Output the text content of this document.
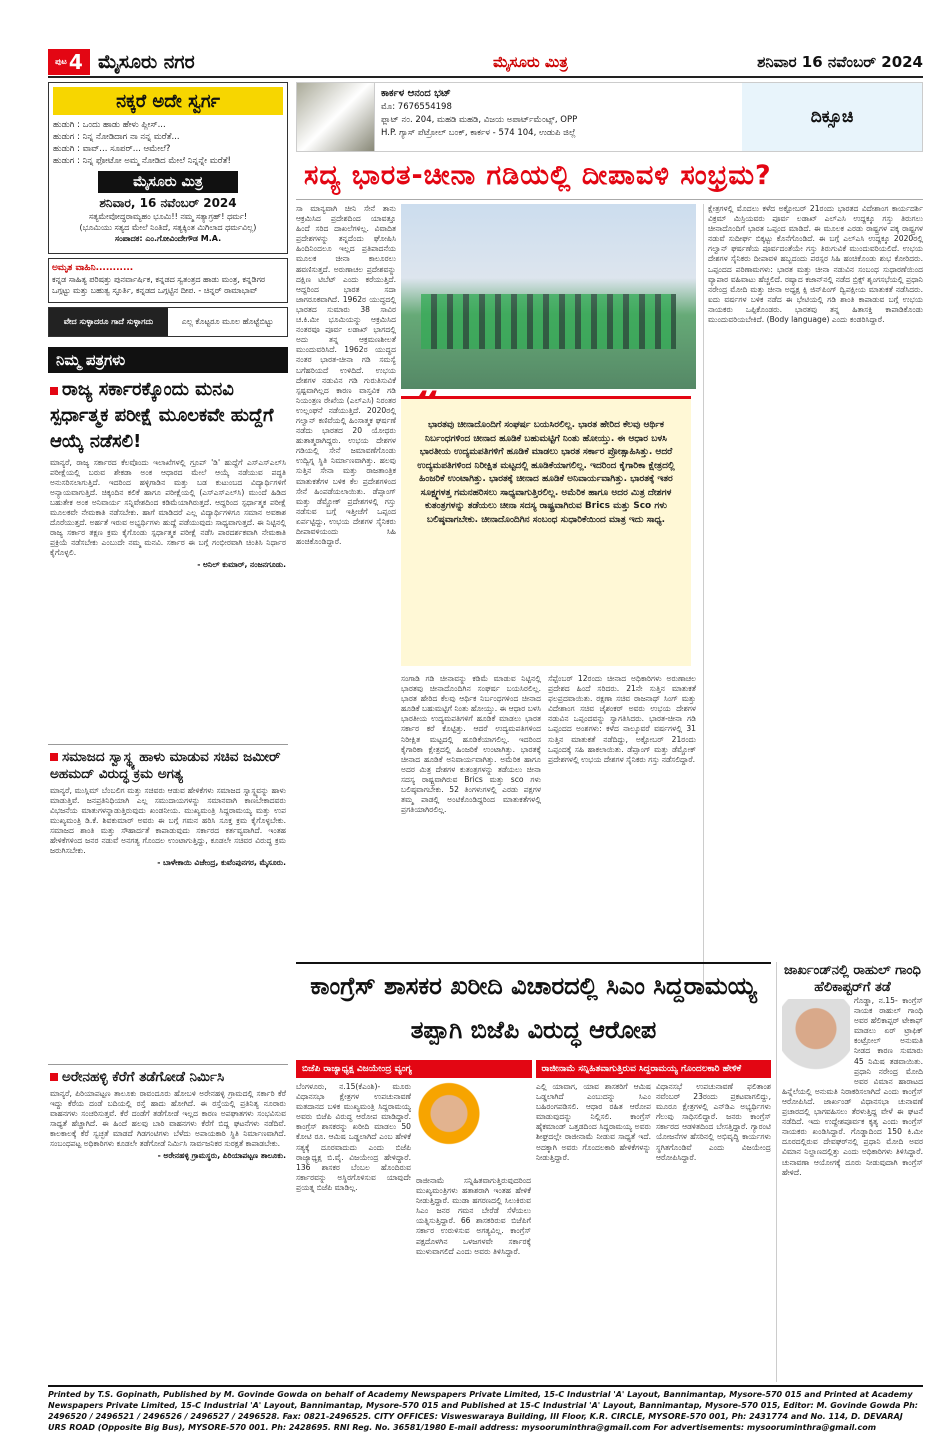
ಪುಟ 4 ಮೈಸೂರು ನಗರ	ಮೈಸೂರು ಮಿತ್ರ	ಶನಿವಾರ 16 ನವೆಂಬರ್ 2024
ನಕ್ಕರೆ ಅದೇ ಸ್ವರ್ಗ
ಹುಡುಗಿ : ಒಂದು ಹಾಡು ಹೇಳು ಪ್ಲೀಸ್...
ಹುಡುಗ : ನಿನ್ನ ನೋಡಿದಾಗ ನಾ ನನ್ನ ಮರೆತೆ...
ಹುಡುಗಿ : ವಾವ್... ಸೂಪರ್... ಆಮೇಲೆ?
ಹುಡುಗ : ನಿನ್ನ ಫೋಟೋ ಅಮ್ಮ ನೋಡಿದ ಮೇಲೆ ನಿನ್ನನ್ನೇ ಮರೆತೆ!
ಮೈಸೂರು ಮಿತ್ರ
ಶನಿವಾರ, 16 ನವೆಂಬರ್ 2024
ಸತ್ಯಮೇವೋದ್ಧರಾಮ್ಯಹಂ ಭೂಮಿ!! ನಮ್ಮ ಸತ್ಯಾಗ್ರಹ್! ಧರ್ಮ!
(ಭೂಮಿಯು ಸತ್ಯದ ಮೇಲೆ ನಿಂತಿದೆ, ಸತ್ಯಕ್ಕಿಂತ ಮಿಗಿಲಾದ ಧರ್ಮವಿಲ್ಲ)
ಸಂಪಾದಕ: ಎಂ.ಗೋವಿಂದೇಗೌಡ M.A.
ಅಮೃತ ವಾಹಿನಿ...........
ಕನ್ನಡ ಸಾಹಿತ್ಯ ಪರಿಷತ್ತು ಪುನರ್ವಾರ್ಷಿಕ, ಕನ್ನಡದ ಸ್ವತಂತ್ರದ ಹಾಡು ಮಂತ್ರ, ಕನ್ನಡಿಗರ ಒಗ್ಗಟ್ಟು ಮತ್ತು ಬಹುತ್ವ ಸ್ಫೂರ್ತಿ, ಕನ್ನಡದ ಒಗ್ಗಟ್ಟಿನ ದೀಪ. - ಚಿನ್ನರ್ ರಾಮಾಭಾವ್
ವೇದ ಸುಳ್ಳಾದರೂ ಗಾದೆ ಸುಳ್ಳಾಗದು	ಎಲ್ಲ ಕೊಟ್ಟರೂ ಮೂಲ ಹೊಟ್ಟೆಬಿಟ್ಟು
ನಿಮ್ಮ ಪತ್ರಗಳು
ರಾಜ್ಯ ಸರ್ಕಾರಕ್ಕೊಂದು ಮನವಿ ಸ್ಪರ್ಧಾತ್ಮಕ ಪರೀಕ್ಷೆ ಮೂಲಕವೇ ಹುದ್ದೆಗೆ ಆಯ್ಕೆ ನಡೆಸಲಿ!

ಮಾನ್ಯರೆ, ರಾಜ್ಯ ಸರ್ಕಾರದ ಕೆಲವೊಂದು ಇಲಾಖೆಗಳಲ್ಲಿ ಗ್ರೂಪ್ 'ಡಿ' ಹುದ್ದೆಗೆ ಎಸ್ಎಸ್ಎಲ್‌ಸಿ ಪರೀಕ್ಷೆಯಲ್ಲಿ ಬರುವ ಶೇಕಡಾ ಅಂಕ ಆಧಾರದ ಮೇಲೆ ಆಯ್ಕೆ ನಡೆಯುವ ಪದ್ಧತಿ ಅನುಸರಿಸಲಾಗುತ್ತಿದೆ. ಇದರಿಂದ ಹಳ್ಳಿಗಾಡಿನ ಮತ್ತು ಬಡ ಕುಟುಂಬದ ವಿದ್ಯಾರ್ಥಿಗಳಿಗೆ ಅನ್ಯಾಯವಾಗುತ್ತಿದೆ. ಚಿಕ್ಕಂದಿನ ಕಲಿಕೆ ಹಾಗೂ ಪರೀಕ್ಷೆಯಲ್ಲಿ (ಎಸ್ಎಸ್ಎಲ್‌ಸಿ) ಮುಂದೆ ಹಿಡಿದ ಬಹುತೇಕ ಅಂಕ ಅನಿವಾರ್ಯ ಸನ್ನಿವೇಶದಿಂದ ಕಡಿಮೆಯಾಗಿರುತ್ತದೆ. ಆದ್ದರಿಂದ ಸ್ಪರ್ಧಾತ್ಮಕ ಪರೀಕ್ಷೆ ಮೂಲಕವೇ ನೇಮಕಾತಿ ನಡೆಸಬೇಕು. ಹಾಗೆ ಮಾಡಿದರೆ ಎಲ್ಲ ವಿದ್ಯಾರ್ಥಿಗಳಿಗೂ ಸಮಾನ ಅವಕಾಶ ದೊರೆಯುತ್ತದೆ. ಅರ್ಹತೆ ಇರುವ ಅಭ್ಯರ್ಥಿಗಳು ಹುದ್ದೆ ಪಡೆಯುವುದು ಸಾಧ್ಯವಾಗುತ್ತದೆ. ಈ ನಿಟ್ಟಿನಲ್ಲಿ ರಾಜ್ಯ ಸರ್ಕಾರ ತಕ್ಷಣ ಕ್ರಮ ಕೈಗೊಂಡು ಸ್ಪರ್ಧಾತ್ಮಕ ಪರೀಕ್ಷೆ ನಡೆಸಿ ಪಾರದರ್ಶಕವಾಗಿ ನೇಮಕಾತಿ ಪ್ರಕ್ರಿಯೆ ನಡೆಸಬೇಕು ಎಂಬುದೇ ನಮ್ಮ ಮನವಿ. ಸರ್ಕಾರ ಈ ಬಗ್ಗೆ ಗಂಭೀರವಾಗಿ ಚಿಂತಿಸಿ ನಿರ್ಧಾರ ಕೈಗೊಳ್ಳಲಿ.

- ಅನಿಲ್ ಕುಮಾರ್, ನಂಜನಗೂಡು.
ಸಮಾಜದ ಸ್ವಾಸ್ಥ್ಯ ಹಾಳು ಮಾಡುವ ಸಚಿವ ಜಮೀರ್ ಅಹಮದ್ ವಿರುದ್ಧ ಕ್ರಮ ಅಗತ್ಯ

ಮಾನ್ಯರೆ, ಮುಸ್ಲಿಮ್ ಬೆಂಬಲಿಗ ಮತ್ತು ಸಚಿವರು ಆಡುವ ಹೇಳಿಕೆಗಳು ಸಮಾಜದ ಸ್ವಾಸ್ಥ್ಯವನ್ನು ಹಾಳು ಮಾಡುತ್ತಿವೆ. ಜನಪ್ರತಿನಿಧಿಯಾಗಿ ಎಲ್ಲ ಸಮುದಾಯಗಳನ್ನು ಸಮಾನವಾಗಿ ಕಾಣಬೇಕಾದವರು ವಿಭಜನೆಯ ಮಾತುಗಳನ್ನಾಡುತ್ತಿರುವುದು ಖಂಡನೀಯ. ಮುಖ್ಯಮಂತ್ರಿ ಸಿದ್ದರಾಮಯ್ಯ ಮತ್ತು ಉಪ ಮುಖ್ಯಮಂತ್ರಿ ಡಿ.ಕೆ. ಶಿವಕುಮಾರ್ ಅವರು ಈ ಬಗ್ಗೆ ಗಮನ ಹರಿಸಿ ಸೂಕ್ತ ಕ್ರಮ ಕೈಗೊಳ್ಳಬೇಕು. ಸಮಾಜದ ಶಾಂತಿ ಮತ್ತು ಸೌಹಾರ್ದತೆ ಕಾಪಾಡುವುದು ಸರ್ಕಾರದ ಕರ್ತವ್ಯವಾಗಿದೆ. ಇಂತಹ ಹೇಳಿಕೆಗಳಿಂದ ಜನರ ನಡುವೆ ಅನಗತ್ಯ ಗೊಂದಲ ಉಂಟಾಗುತ್ತಿದ್ದು, ಕೂಡಲೇ ಸಚಿವರ ವಿರುದ್ಧ ಕ್ರಮ ಜರುಗಿಸಬೇಕು.

- ಬಾಳೇಕಾಯಿ ವಿಜೇಂದ್ರ, ಕುವೆಂಪುನಗರ, ಮೈಸೂರು.
ಅರೇನಹಳ್ಳಿ ಕೆರೆಗೆ ತಡೆಗೋಡೆ ನಿರ್ಮಿಸಿ

ಮಾನ್ಯರೆ, ಪಿರಿಯಾಪಟ್ಟಣ ತಾಲೂಕು ರಾವಂದೂರು ಹೋಬಳಿ ಅರೇನಹಳ್ಳಿ ಗ್ರಾಮದಲ್ಲಿ ಸರ್ಕಾರಿ ಕೆರೆ ಇದ್ದು ಕೆರೆಯ ದಂಡೆ ಬದಿಯಲ್ಲಿ ರಸ್ತೆ ಹಾದು ಹೋಗಿದೆ. ಈ ರಸ್ತೆಯಲ್ಲಿ ಪ್ರತಿನಿತ್ಯ ನೂರಾರು ವಾಹನಗಳು ಸಂಚರಿಸುತ್ತವೆ. ಕೆರೆ ದಂಡೆಗೆ ತಡೆಗೋಡೆ ಇಲ್ಲದ ಕಾರಣ ಅಪಘಾತಗಳು ಸಂಭವಿಸುವ ಸಾಧ್ಯತೆ ಹೆಚ್ಚಾಗಿದೆ. ಈ ಹಿಂದೆ ಹಲವು ಬಾರಿ ವಾಹನಗಳು ಕೆರೆಗೆ ಬಿದ್ದ ಘಟನೆಗಳು ನಡೆದಿವೆ. ಕಾಲಕಾಲಕ್ಕೆ ಕೆರೆ ಸ್ವಚ್ಛತೆ ಮಾಡದೆ ಗಿಡಗಂಟಿಗಳು ಬೆಳೆದು ಅಪಾಯಕಾರಿ ಸ್ಥಿತಿ ನಿರ್ಮಾಣವಾಗಿದೆ. ಸಂಬಂಧಪಟ್ಟ ಅಧಿಕಾರಿಗಳು ಕೂಡಲೇ ತಡೆಗೋಡೆ ನಿರ್ಮಿಸಿ ಸಾರ್ವಜನಿಕರ ಸುರಕ್ಷತೆ ಕಾಪಾಡಬೇಕು.

- ಅರೇನಹಳ್ಳಿ ಗ್ರಾಮಸ್ಥರು, ಪಿರಿಯಾಪಟ್ಟಣ ತಾಲೂಕು.
ಕಾರ್ಕಳ ಆನಂದ ಭಟ್
ಮೊ: 7676554198
ಫ್ಲಾಟ್ ನಂ. 204, ಮಹಡಿ ಮಹಡಿ, ವಿಜಯ ಅಪಾರ್ಟ್‌ಮೆಂಟ್ಸ್, OPP
H.P. ಗ್ಯಾಸ್ ಪೆಟ್ರೋಲ್ ಬಂಕ್, ಕಾರ್ಕಳ - 574 104, ಉಡುಪಿ ಜಿಲ್ಲೆ
ದಿಕ್ಸೂಚಿ
ಸದ್ಯ ಭಾರತ-ಚೀನಾ ಗಡಿಯಲ್ಲಿ ದೀಪಾವಳಿ ಸಂಭ್ರಮ?
ಸಾ ಮಾನ್ಯವಾಗಿ ಚೀನಿ ಸೇನೆ ತಾನು ಆಕ್ರಮಿಸಿದ ಪ್ರದೇಶದಿಂದ ಯಾವತ್ತೂ ಹಿಂದೆ ಸರಿದ ದಾಖಲೆಗಳಿಲ್ಲ. ವಿವಾದಿತ ಪ್ರದೇಶಗಳನ್ನು ತನ್ನದೆಂದು ಘೋಷಿಸಿ ಹಿಂದಿನಿಂದಲೂ ಇಲ್ಲದ ಪ್ರತಿಪಾದನೆಯ ಮೂಲಕ ಚೀನಾ ಕಾಲೂರಲು ಹವಣಿಸುತ್ತದೆ. ಅರುಣಾಚಲ ಪ್ರದೇಶವನ್ನು ದಕ್ಷಿಣ ಟಿಬೆಟ್ ಎಂದು ಕರೆಯುತ್ತಿದೆ. ಆದ್ದರಿಂದ ಭಾರತ ಸದಾ ಜಾಗರೂಕವಾಗಿದೆ. 1962ರ ಯುದ್ಧದಲ್ಲಿ ಭಾರತದ ಸುಮಾರು 38 ಸಾವಿರ ಚ.ಕಿ.ಮೀ ಭೂಮಿಯನ್ನು ಆಕ್ರಮಿಸಿದ ನಂತರವೂ ಪೂರ್ವ ಲಡಾಖ್ ಭಾಗದಲ್ಲಿ ಅದು ತನ್ನ ಆಕ್ರಮಣಶೀಲತೆ ಮುಂದುವರಿಸಿದೆ. 1962ರ ಯುದ್ಧದ ನಂತರ ಭಾರತ-ಚೀನಾ ಗಡಿ ಸಮಸ್ಯೆ ಬಗೆಹರಿಯದೆ ಉಳಿದಿದೆ. ಉಭಯ ದೇಶಗಳ ನಡುವಿನ ಗಡಿ ಗುರುತಿಸುವಿಕೆ ಸ್ಪಷ್ಟವಾಗಿಲ್ಲದ ಕಾರಣ ವಾಸ್ತವಿಕ ಗಡಿ ನಿಯಂತ್ರಣ ರೇಖೆಯ (ಎಲ್ಎಸಿ) ನಿರಂತರ ಉಲ್ಲಂಘನೆ ನಡೆಯುತ್ತಿದೆ. 2020ರಲ್ಲಿ ಗಲ್ವಾನ್ ಕಣಿವೆಯಲ್ಲಿ ಹಿಂಸಾತ್ಮಕ ಘರ್ಷಣೆ ನಡೆದು ಭಾರತದ 20 ಯೋಧರು ಹುತಾತ್ಮರಾಗಿದ್ದರು. ಉಭಯ ದೇಶಗಳ ಗಡಿಯಲ್ಲಿ ಸೇನೆ ಜಮಾವಣೆಗೊಂಡು ಉದ್ವಿಗ್ನ ಸ್ಥಿತಿ ನಿರ್ಮಾಣವಾಗಿತ್ತು. ಹಲವು ಸುತ್ತಿನ ಸೇನಾ ಮತ್ತು ರಾಜತಾಂತ್ರಿಕ ಮಾತುಕತೆಗಳ ಬಳಿಕ ಕೆಲ ಪ್ರದೇಶಗಳಿಂದ ಸೇನೆ ಹಿಂಪಡೆಯಲಾಯಿತು. ಡೆಪ್ಸಾಂಗ್ ಮತ್ತು ಡೆಮ್ಚೋಕ್ ಪ್ರದೇಶಗಳಲ್ಲಿ ಗಸ್ತು ನಡೆಸುವ ಬಗ್ಗೆ ಇತ್ತೀಚೆಗೆ ಒಪ್ಪಂದ ಏರ್ಪಟ್ಟಿದ್ದು, ಉಭಯ ದೇಶಗಳ ಸೈನಿಕರು ದೀಪಾವಳಿಯಂದು ಸಿಹಿ ಹಂಚಿಕೊಂಡಿದ್ದಾರೆ.
ಭಾರತವು ಚೀನಾದೊಂದಿಗೆ ಸಂಘರ್ಷ ಬಯಸಿರಲಿಲ್ಲ. ಭಾರತ ಹೇರಿದ ಕೆಲವು ಆರ್ಥಿಕ ನಿರ್ಬಂಧಗಳಿಂದ ಚೀನಾದ ಹೂಡಿಕೆ ಬಹುಮಟ್ಟಿಗೆ ನಿಂತು ಹೋಯ್ತು. ಈ ಆಧಾರ ಬಳಸಿ ಭಾರತೀಯ ಉದ್ಯಮಪತಿಗಳಿಗೆ ಹೂಡಿಕೆ ಮಾಡಲು ಭಾರತ ಸರ್ಕಾರ ಪ್ರೋತ್ಸಾಹಿಸಿತ್ತು. ಆದರೆ ಉದ್ಯಮಪತಿಗಳಿಂದ ನಿರೀಕ್ಷಿತ ಮಟ್ಟದಲ್ಲಿ ಹೂಡಿಕೆಯಾಗಲಿಲ್ಲ. ಇದರಿಂದ ಕೈಗಾರಿಕಾ ಕ್ಷೇತ್ರದಲ್ಲಿ ಹಿಂಜರಿಕೆ ಉಂಟಾಗಿತ್ತು. ಭಾರತಕ್ಕೆ ಚೀನಾದ ಹೂಡಿಕೆ ಅನಿವಾರ್ಯವಾಗಿತ್ತು. ಭಾರತಕ್ಕೆ ಇತರ ಸೂಕ್ಷ್ಮಗಳತ್ತ ಗಮನಹರಿಸಲು ಸಾಧ್ಯವಾಗುತ್ತಿರಲಿಲ್ಲ. ಅಮೆರಿಕ ಹಾಗೂ ಅದರ ಮಿತ್ರ ದೇಶಗಳ ಕುತಂತ್ರಗಳನ್ನು ತಡೆಯಲು ಚೀನಾ ಸದಸ್ಯ ರಾಷ್ಟ್ರವಾಗಿರುವ Brics ಮತ್ತು Sco ಗಳು ಬಲಿಷ್ಠವಾಗಬೇಕು. ಚೀನಾದೊಂದಿಗಿನ ಸಂಬಂಧ ಸುಧಾರಿಕೆಯಿಂದ ಮಾತ್ರ ಇದು ಸಾಧ್ಯ.
ಸಂಗಾಡಿ ಗಡಿ ಚೀನಾವನ್ನು ಕಡಿಮೆ ಮಾಡುವ ನಿಟ್ಟಿನಲ್ಲಿ ಭಾರತವು ಚೀನಾದೊಂದಿಗಿನ ಸಂಘರ್ಷ ಬಯಸಿರಲಿಲ್ಲ. ಭಾರತ ಹೇರಿದ ಕೆಲವು ಆರ್ಥಿಕ ನಿರ್ಬಂಧಗಳಿಂದ ಚೀನಾದ ಹೂಡಿಕೆ ಬಹುಮಟ್ಟಿಗೆ ನಿಂತು ಹೋಯ್ತು. ಈ ಆಧಾರ ಬಳಸಿ ಭಾರತೀಯ ಉದ್ಯಮಪತಿಗಳಿಗೆ ಹೂಡಿಕೆ ಮಾಡಲು ಭಾರತ ಸರ್ಕಾರ ಕರೆ ಕೊಟ್ಟಿತ್ತು. ಆದರೆ ಉದ್ಯಮಪತಿಗಳಿಂದ ನಿರೀಕ್ಷಿತ ಮಟ್ಟದಲ್ಲಿ ಹೂಡಿಕೆಯಾಗಲಿಲ್ಲ. ಇದರಿಂದ ಕೈಗಾರಿಕಾ ಕ್ಷೇತ್ರದಲ್ಲಿ ಹಿಂಜರಿಕೆ ಉಂಟಾಗಿತ್ತು. ಭಾರತಕ್ಕೆ ಚೀನಾದ ಹೂಡಿಕೆ ಅನಿವಾರ್ಯವಾಗಿತ್ತು. ಅಮೆರಿಕ ಹಾಗೂ ಅದರ ಮಿತ್ರ ದೇಶಗಳ ಕುತಂತ್ರಗಳನ್ನು ತಡೆಯಲು ಚೀನಾ ಸದಸ್ಯ ರಾಷ್ಟ್ರವಾಗಿರುವ Brics ಮತ್ತು sco ಗಳು ಬಲಿಷ್ಠವಾಗಬೇಕು. 52 ತಿಂಗಳುಗಳಲ್ಲಿ ಎರಡು ಪಕ್ಷಗಳ ತಮ್ಮ ಪಾಡಲ್ಲಿ ಅಂಟಿಕೊಂಡಿದ್ದರಿಂದ ಮಾತುಕತೆಗಳಲ್ಲಿ ಪ್ರಗತಿಯಾಗಿರಲಿಲ್ಲ.
ಸೆಪ್ಟೆಂಬರ್ 12ರಂದು ಚೀನಾದ ಅಧಿಕಾರಿಗಳು ಅರುಣಾಚಲ ಪ್ರದೇಶದ ಹಿಂದೆ ಸರಿದರು. 21ನೇ ಸುತ್ತಿನ ಮಾತುಕತೆ ಫಲಪ್ರದವಾಯಿತು. ರಕ್ಷಣಾ ಸಚಿವ ರಾಜನಾಥ್ ಸಿಂಗ್ ಮತ್ತು ವಿದೇಶಾಂಗ ಸಚಿವ ಜೈಶಂಕರ್ ಅವರು ಉಭಯ ದೇಶಗಳ ನಡುವಿನ ಒಪ್ಪಂದವನ್ನು ಸ್ವಾಗತಿಸಿದರು. ಭಾರತ-ಚೀನಾ ಗಡಿ ಒಪ್ಪಂದದ ಅಂಶಗಳು: ಕಳೆದ ನಾಲ್ಕೂವರೆ ವರ್ಷಗಳಲ್ಲಿ 31 ಸುತ್ತಿನ ಮಾತುಕತೆ ನಡೆದಿದ್ದು, ಅಕ್ಟೋಬರ್ 21ರಂದು ಒಪ್ಪಂದಕ್ಕೆ ಸಹಿ ಹಾಕಲಾಯಿತು. ಡೆಪ್ಸಾಂಗ್ ಮತ್ತು ಡೆಮ್ಚೋಕ್ ಪ್ರದೇಶಗಳಲ್ಲಿ ಉಭಯ ದೇಶಗಳ ಸೈನಿಕರು ಗಸ್ತು ನಡೆಸಲಿದ್ದಾರೆ.
ಕ್ಷೇತ್ರಗಳಲ್ಲಿ ಮೊದಲು ಕಳೆದ ಅಕ್ಟೋಬರ್ 21ರಂದು ಭಾರತದ ವಿದೇಶಾಂಗ ಕಾರ್ಯದರ್ಶಿ ವಿಕ್ರಮ್ ಮಿಸ್ರಿಯವರು ಪೂರ್ವ ಲಡಾಖ್ ಎಲ್ಎಸಿ ಉದ್ದಕ್ಕೂ ಗಸ್ತು ತಿರುಗಲು ಚೀನಾದೊಂದಿಗೆ ಭಾರತ ಒಪ್ಪಂದ ಮಾಡಿದೆ. ಈ ಮೂಲಕ ಎರಡು ರಾಷ್ಟ್ರಗಳ ಪಕ್ಕ ರಾಷ್ಟ್ರಗಳ ನಡುವೆ ಸುದೀರ್ಘ ಬಿಕ್ಕಟ್ಟು ಕೊನೆಗೊಂಡಿದೆ. ಈ ಬಗ್ಗೆ ಎಲ್ಎಸಿ ಉದ್ದಕ್ಕೂ 2020ರಲ್ಲಿ ಗಲ್ವಾನ್ ಘರ್ಷಣೆಯ ಪೂರ್ವದಂತೆಯೇ ಗಸ್ತು ತಿರುಗುವಿಕೆ ಮುಂದುವರಿಯಲಿದೆ. ಉಭಯ ದೇಶಗಳ ಸೈನಿಕರು ದೀಪಾವಳಿ ಹಬ್ಬದಂದು ಪರಸ್ಪರ ಸಿಹಿ ಹಂಚಿಕೊಂಡು ಶುಭ ಕೋರಿದರು. ಒಪ್ಪಂದದ ಪರಿಣಾಮಗಳು: ಭಾರತ ಮತ್ತು ಚೀನಾ ನಡುವಿನ ಸಂಬಂಧ ಸುಧಾರಣೆಯಿಂದ ವ್ಯಾಪಾರ ವಹಿವಾಟು ಹೆಚ್ಚಲಿದೆ. ರಷ್ಯಾದ ಕಜಾನ್‌ನಲ್ಲಿ ನಡೆದ ಬ್ರಿಕ್ಸ್ ಶೃಂಗಸಭೆಯಲ್ಲಿ ಪ್ರಧಾನಿ ನರೇಂದ್ರ ಮೋದಿ ಮತ್ತು ಚೀನಾ ಅಧ್ಯಕ್ಷ ಕ್ಸಿ ಜಿನ್‌ಪಿಂಗ್ ದ್ವಿಪಕ್ಷೀಯ ಮಾತುಕತೆ ನಡೆಸಿದರು. ಐದು ವರ್ಷಗಳ ಬಳಿಕ ನಡೆದ ಈ ಭೇಟಿಯಲ್ಲಿ ಗಡಿ ಶಾಂತಿ ಕಾಪಾಡುವ ಬಗ್ಗೆ ಉಭಯ ನಾಯಕರು ಒಪ್ಪಿಕೊಂಡರು. ಭಾರತವು ತನ್ನ ಹಿತಾಸಕ್ತಿ ಕಾಪಾಡಿಕೊಂಡು ಮುಂದುವರಿಯಬೇಕಿದೆ. (Body language) ಎಂದು ಕಂಡರಿಸಿದ್ದಾರೆ.
ಕಾಂಗ್ರೆಸ್ ಶಾಸಕರ ಖರೀದಿ ವಿಚಾರದಲ್ಲಿ ಸಿಎಂ ಸಿದ್ದರಾಮಯ್ಯ ತಪ್ಪಾಗಿ ಬಿಜೆಪಿ ವಿರುದ್ಧ ಆರೋಪ
ಬಿಜೆಪಿ ರಾಜ್ಯಾಧ್ಯಕ್ಷ ವಿಜಯೇಂದ್ರ ವ್ಯಂಗ್ಯ	ರಾಜೀನಾಮೆ ಸನ್ನಿಹಿತವಾಗುತ್ತಿರುವ ಸಿದ್ದರಾಮಯ್ಯ ಗೊಂದಲಕಾರಿ ಹೇಳಿಕೆ
ಬೆಂಗಳೂರು, ನ.15(ಕೆಎಂಶಿ)- ಮೂರು ವಿಧಾನಸಭಾ ಕ್ಷೇತ್ರಗಳ ಉಪಚುನಾವಣೆ ಮತದಾನದ ಬಳಿಕ ಮುಖ್ಯಮಂತ್ರಿ ಸಿದ್ದರಾಮಯ್ಯ ಅವರು ಬಿಜೆಪಿ ವಿರುದ್ಧ ಆರೋಪ ಮಾಡಿದ್ದಾರೆ. ಕಾಂಗ್ರೆಸ್ ಶಾಸಕರನ್ನು ಖರೀದಿ ಮಾಡಲು 50 ಕೋಟಿ ರೂ. ಆಮಿಷ ಒಡ್ಡಲಾಗಿದೆ ಎಂಬ ಹೇಳಿಕೆ ಸತ್ಯಕ್ಕೆ ದೂರವಾದುದು ಎಂದು ಬಿಜೆಪಿ ರಾಜ್ಯಾಧ್ಯಕ್ಷ ಬಿ.ವೈ. ವಿಜಯೇಂದ್ರ ಹೇಳಿದ್ದಾರೆ. 136 ಶಾಸಕರ ಬೆಂಬಲ ಹೊಂದಿರುವ ಸರ್ಕಾರವನ್ನು ಅಸ್ಥಿರಗೊಳಿಸುವ ಯಾವುದೇ ಪ್ರಯತ್ನ ಬಿಜೆಪಿ ಮಾಡಿಲ್ಲ.
ರಾಜೀನಾಮೆ ಸನ್ನಿಹಿತವಾಗುತ್ತಿರುವುದರಿಂದ ಮುಖ್ಯಮಂತ್ರಿಗಳು ಹತಾಶರಾಗಿ ಇಂತಹ ಹೇಳಿಕೆ ನೀಡುತ್ತಿದ್ದಾರೆ. ಮುಡಾ ಹಗರಣದಲ್ಲಿ ಸಿಲುಕಿರುವ ಸಿಎಂ ಜನರ ಗಮನ ಬೇರೆಡೆ ಸೆಳೆಯಲು ಯತ್ನಿಸುತ್ತಿದ್ದಾರೆ. 66 ಶಾಸಕರಿರುವ ಬಿಜೆಪಿಗೆ ಸರ್ಕಾರ ಉರುಳಿಸುವ ಅಗತ್ಯವಿಲ್ಲ. ಕಾಂಗ್ರೆಸ್ ಪಕ್ಷದೊಳಗಿನ ಒಳಜಗಳವೇ ಸರ್ಕಾರಕ್ಕೆ ಮುಳುವಾಗಲಿದೆ ಎಂದು ಅವರು ತಿಳಿಸಿದ್ದಾರೆ.
ಎಲ್ಲಿ ಯಾವಾಗ, ಯಾವ ಶಾಸಕರಿಗೆ ಆಮಿಷ ಒಡ್ಡಲಾಗಿದೆ ಎಂಬುದನ್ನು ಸಿಎಂ ಬಹಿರಂಗಪಡಿಸಲಿ. ಆಧಾರ ರಹಿತ ಆರೋಪ ಮಾಡುವುದನ್ನು ನಿಲ್ಲಿಸಲಿ. ಕಾಂಗ್ರೆಸ್ ಹೈಕಮಾಂಡ್ ಒತ್ತಡದಿಂದ ಸಿದ್ದರಾಮಯ್ಯ ಅವರು ಶೀಘ್ರದಲ್ಲೇ ರಾಜೀನಾಮೆ ನೀಡುವ ಸಾಧ್ಯತೆ ಇದೆ. ಅದಕ್ಕಾಗಿ ಅವರು ಗೊಂದಲಕಾರಿ ಹೇಳಿಕೆಗಳನ್ನು ನೀಡುತ್ತಿದ್ದಾರೆ.
ವಿಧಾನಸಭೆ ಉಪಚುನಾವಣೆ ಫಲಿತಾಂಶ ನವೆಂಬರ್ 23ರಂದು ಪ್ರಕಟವಾಗಲಿದ್ದು, ಮೂರೂ ಕ್ಷೇತ್ರಗಳಲ್ಲಿ ಎನ್‌ಡಿಎ ಅಭ್ಯರ್ಥಿಗಳು ಗೆಲುವು ಸಾಧಿಸಲಿದ್ದಾರೆ. ಜನರು ಕಾಂಗ್ರೆಸ್ ಸರ್ಕಾರದ ಆಡಳಿತದಿಂದ ಬೇಸತ್ತಿದ್ದಾರೆ. ಗ್ಯಾರಂಟಿ ಯೋಜನೆಗಳ ಹೆಸರಿನಲ್ಲಿ ಅಭಿವೃದ್ಧಿ ಕಾರ್ಯಗಳು ಸ್ಥಗಿತಗೊಂಡಿವೆ ಎಂದು ವಿಜಯೇಂದ್ರ ಆರೋಪಿಸಿದ್ದಾರೆ.
ಜಾರ್ಖಂಡ್‌ನಲ್ಲಿ ರಾಹುಲ್ ಗಾಂಧಿ ಹೆಲಿಕಾಪ್ಟರ್‌ಗೆ ತಡೆ
ಗೊಡ್ಡಾ, ನ.15- ಕಾಂಗ್ರೆಸ್ ನಾಯಕ ರಾಹುಲ್ ಗಾಂಧಿ ಅವರ ಹೆಲಿಕಾಪ್ಟರ್ ಟೇಕಾಫ್ ಮಾಡಲು ಏರ್ ಟ್ರಾಫಿಕ್ ಕಂಟ್ರೋಲ್ ಅನುಮತಿ ನೀಡದ ಕಾರಣ ಸುಮಾರು 45 ನಿಮಿಷ ತಡವಾಯಿತು. ಪ್ರಧಾನಿ ನರೇಂದ್ರ ಮೋದಿ ಅವರ ವಿಮಾನ ಹಾರಾಟದ ಹಿನ್ನೆಲೆಯಲ್ಲಿ ಅನುಮತಿ ನಿರಾಕರಿಸಲಾಗಿದೆ ಎಂದು ಕಾಂಗ್ರೆಸ್ ಆರೋಪಿಸಿದೆ. ಜಾರ್ಖಂಡ್ ವಿಧಾನಸಭಾ ಚುನಾವಣೆ ಪ್ರಚಾರದಲ್ಲಿ ಭಾಗವಹಿಸಲು ತೆರಳುತ್ತಿದ್ದ ವೇಳೆ ಈ ಘಟನೆ ನಡೆದಿದೆ. ಇದು ಉದ್ದೇಶಪೂರ್ವಕ ಕೃತ್ಯ ಎಂದು ಕಾಂಗ್ರೆಸ್ ನಾಯಕರು ಖಂಡಿಸಿದ್ದಾರೆ. ಗೊಡ್ಡಾದಿಂದ 150 ಕಿ.ಮೀ ದೂರದಲ್ಲಿರುವ ದೇವಘರ್‌ನಲ್ಲಿ ಪ್ರಧಾನಿ ಮೋದಿ ಅವರ ವಿಮಾನ ನಿಲ್ದಾಣದಲ್ಲಿತ್ತು ಎಂದು ಅಧಿಕಾರಿಗಳು ತಿಳಿಸಿದ್ದಾರೆ. ಚುನಾವಣಾ ಆಯೋಗಕ್ಕೆ ದೂರು ನೀಡುವುದಾಗಿ ಕಾಂಗ್ರೆಸ್ ಹೇಳಿದೆ.
Printed by T.S. Gopinath, Published by M. Govinde Gowda on behalf of Academy Newspapers Private Limited, 15-C Industrial 'A' Layout, Bannimantap, Mysore-570 015 and Printed at Academy Newspapers Private Limited, 15-C Industrial 'A' Layout, Bannimantap, Mysore-570 015 and Published at 15-C Industrial 'A' Layout, Bannimantap, Mysore-570 015, Editor: M. Govinde Gowda Ph: 2496520 / 2496521 / 2496526 / 2496527 / 2496528. Fax: 0821-2496525. CITY OFFICES: Visweswaraya Building, III Floor, K.R. CIRCLE, MYSORE-570 001, Ph: 2431774 and No. 114, D. DEVARAJ URS ROAD (Opposite Big Bus), MYSORE-570 001. Ph: 2428695. RNI Reg. No. 36581/1980 E-mail address: mysooruminthra@gmail.com For advertisements: mysooruminthra@gmail.com
